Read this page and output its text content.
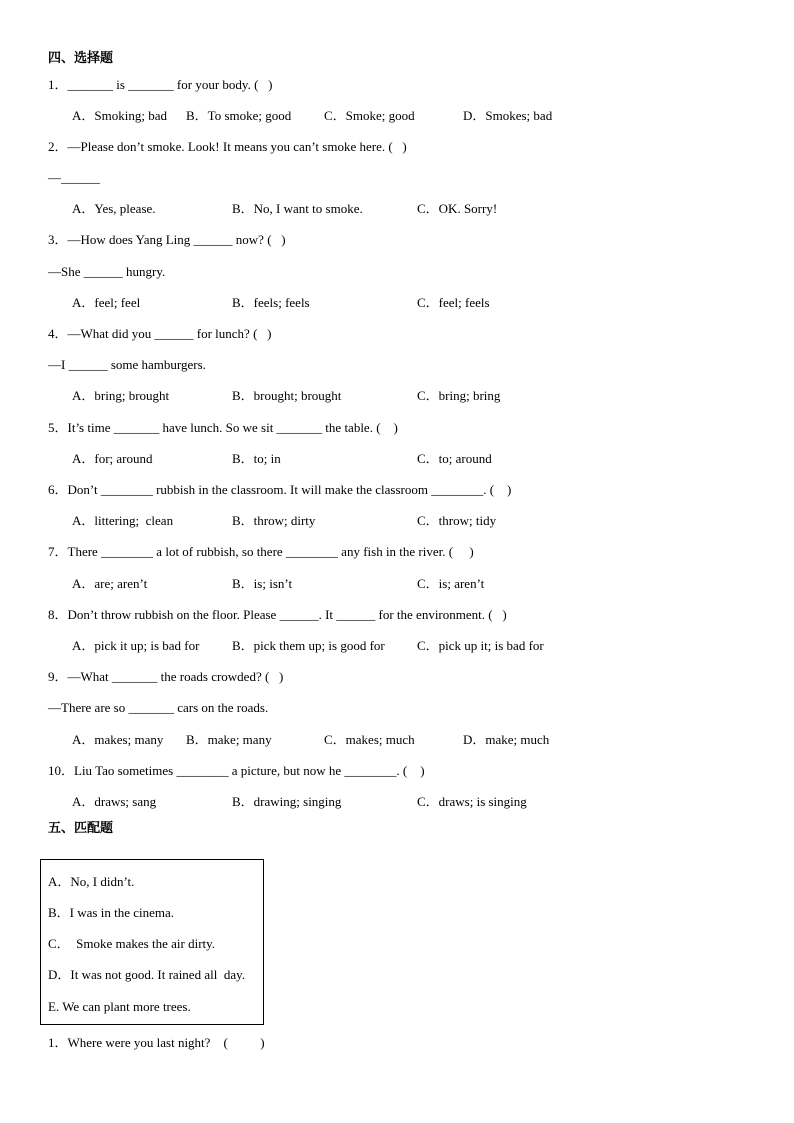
四、选择题
1．_______ is _______ for your body. (   )
A．Smoking; bad B．To smoke; good	C．Smoke; good	D．Smokes; bad
2．—Please don’t smoke. Look! It means you can’t smoke here. (   )
—______
A．Yes, please.	B．No, I want to smoke.	C．OK. Sorry!
3．—How does Yang Ling ______ now? (   )
—She ______ hungry.
A．feel; feel	B．feels; feels	C．feel; feels
4．—What did you ______ for lunch? (   )
—I ______ some hamburgers.
A．bring; brought	B．brought; brought	C．bring; bring
5．It’s time _______ have lunch. So we sit _______ the table. (    )
A．for; around	B．to; in	C．to; around
6．Don’t ________ rubbish in the classroom. It will make the classroom ________. (    )
A．littering;  clean	B．throw; dirty	C．throw; tidy
7．There ________ a lot of rubbish, so there ________ any fish in the river. (     )
A．are; aren’t	B．is; isn’t	C．is; aren’t
8．Don’t throw rubbish on the floor. Please ______. It ______ for the environment. (   )
A．pick it up; is bad for	B．pick them up; is good for C．pick up it; is bad for
9．—What _______ the roads crowded? (   )
—There are so _______ cars on the roads.
A．makes; many B．make; many	C．makes; much	D．make; much
10．Liu Tao sometimes ________ a picture, but now he ________. (    )
A．draws; sang	B．drawing; singing	C．draws; is singing
五、匹配题
A．No, I didn’t.
B．I was in the cinema.
C．  Smoke makes the air dirty.
D．It was not good. It rained all  day.
E. We can plant more trees.
1．Where were you last night?    (          )
